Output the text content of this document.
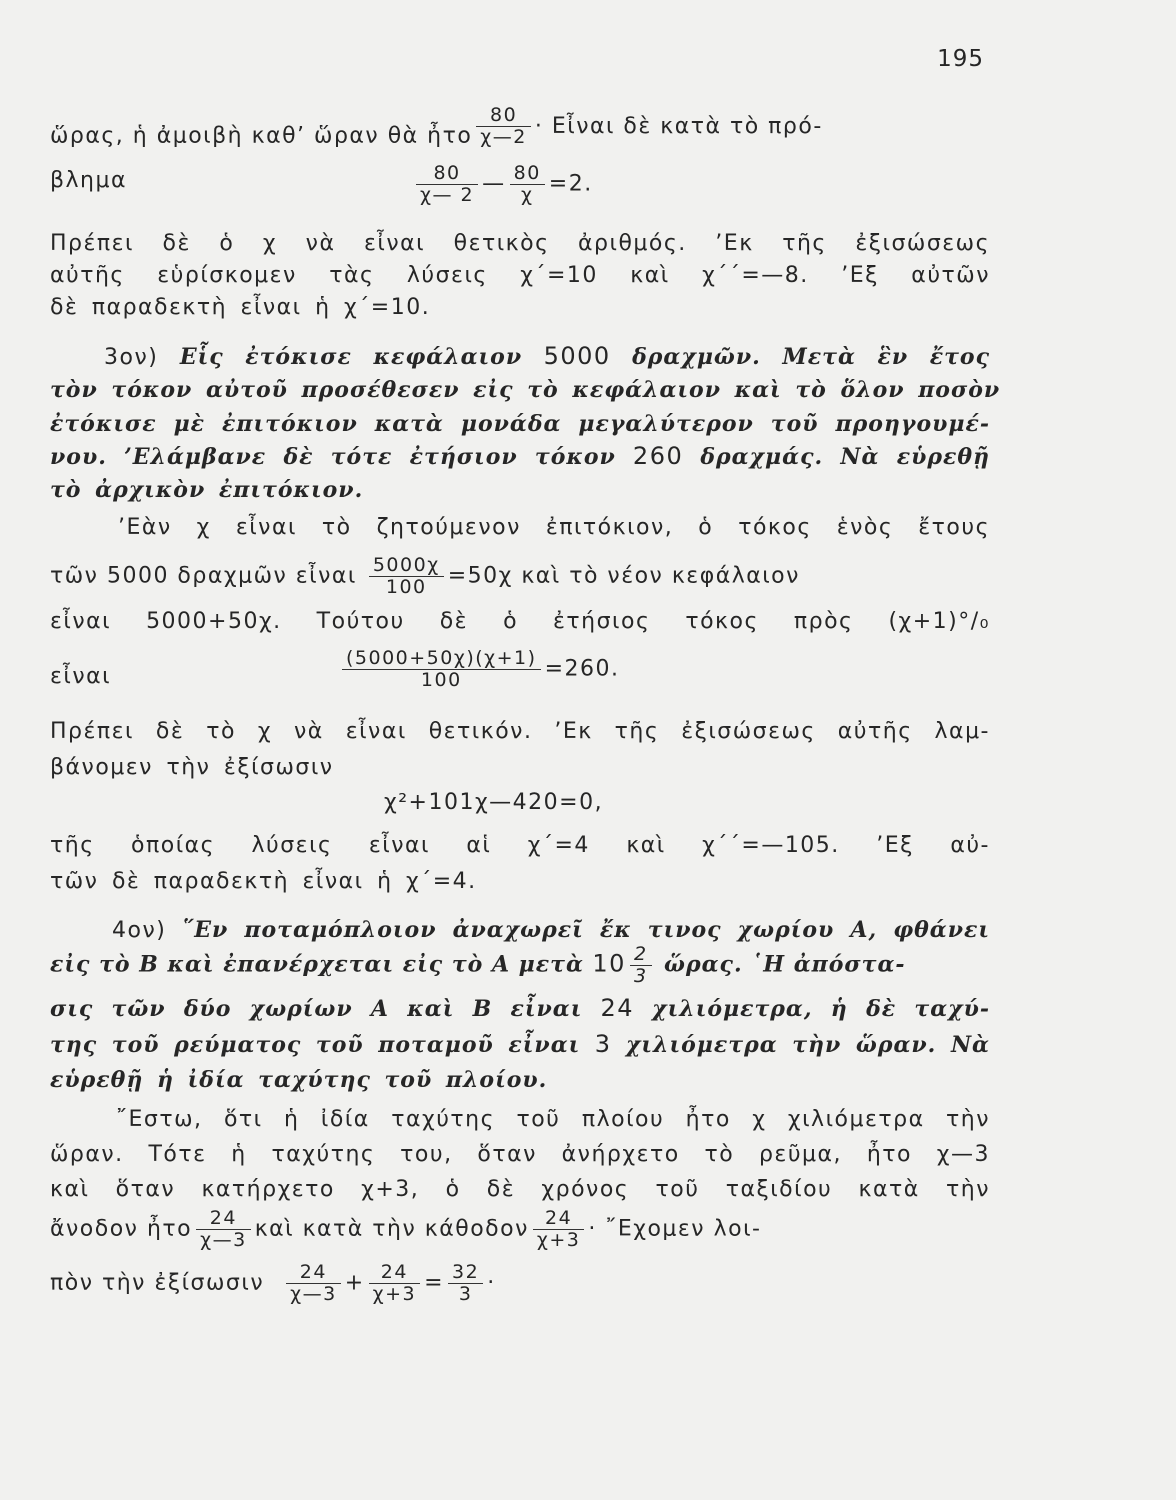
195
ὥρας, ἡ ἀμοιβὴ καθ’ ὥραν θὰ ἦτο $\frac{80}{\chi—2}$ · Εἶναι δὲ κατὰ τὸ πρό-
βλημα	$\frac{80}{\chi— 2}$ — $\frac{80}{\chi} =2$.
Πρέπει δὲ ὁ χ νὰ εἶναι θετικὸς ἀριθμός. ’Εκ τῆς ἐξισώσεως
αὐτῆς εὑρίσκομεν τὰς λύσεις χ΄=10 καὶ χ΄΄=—8. ’Εξ αὐτῶν
δὲ παραδεκτὴ εἶναι ἡ χ΄=10.
3ον) Εἷς ἐτόκισε κεφάλαιον 5000 δραχμῶν. Μετὰ ἓν ἔτος
τὸν τόκον αὐτοῦ προσέθεσεν εἰς τὸ κεφάλαιον καὶ τὸ ὅλον ποσὸν
ἐτόκισε μὲ ἐπιτόκιον κατὰ μονάδα μεγαλύτερον τοῦ προηγουμέ-
νου. ’Ελάμβανε δὲ τότε ἐτήσιον τόκον 260 δραχμάς. Νὰ εὑρεθῇ
τὸ ἀρχικὸν ἐπιτόκιον.
’Εὰν χ εἶναι τὸ ζητούμενον ἐπιτόκιον, ὁ τόκος ἑνὸς ἔτους
τῶν 5000 δραχμῶν εἶναι $\frac{5000\chi}{100} =50\chi$ καὶ τὸ νέον κεφάλαιον
εἶναι 5000+50χ. Τούτου δὲ ὁ ἐτήσιος τόκος πρὸς (χ+1)°/₀
εἶναι	$\frac{(5000+50\chi)(\chi+1)}{100} =260$.
Πρέπει δὲ τὸ χ νὰ εἶναι θετικόν. ’Εκ τῆς ἐξισώσεως αὐτῆς λαμ-
βάνομεν τὴν ἐξίσωσιν
χ²+101χ—420=0,
τῆς ὁποίας λύσεις εἶναι αἱ χ΄=4 καὶ χ΄΄=—105. ’Εξ αὐ-
τῶν δὲ παραδεκτὴ εἶναι ἡ χ΄=4.
4ον) ῞Εν ποταμόπλοιον ἀναχωρεῖ ἔκ τινος χωρίου Α, φθάνει
εἰς τὸ Β καὶ ἐπανέρχεται εἰς τὸ Α μετὰ $10 \frac{2}{3}$ ὥρας. ῾Η ἀπόστα-
σις τῶν δύο χωρίων Α καὶ Β εἶναι 24 χιλιόμετρα, ἡ δὲ ταχύ-
της τοῦ ρεύματος τοῦ ποταμοῦ εἶναι 3 χιλιόμετρα τὴν ὥραν. Νὰ
εὑρεθῇ ἡ ἰδία ταχύτης τοῦ πλοίου.
῎Εστω, ὅτι ἡ ἰδία ταχύτης τοῦ πλοίου ἦτο χ χιλιόμετρα τὴν
ὥραν. Τότε ἡ ταχύτης του, ὅταν ἀνήρχετο τὸ ρεῦμα, ἦτο χ—3
καὶ ὅταν κατήρχετο χ+3, ὁ δὲ χρόνος τοῦ ταξιδίου κατὰ τὴν
ἄνοδον ἦτο $\frac{24}{\chi—3}$ καὶ κατὰ τὴν κάθοδον $\frac{24}{\chi+3}$ · ῎Εχομεν λοι-
πὸν τὴν ἐξίσωσιν $\frac{24}{\chi—3} + \frac{24}{\chi+3} = \frac{32}{3}$ ·
